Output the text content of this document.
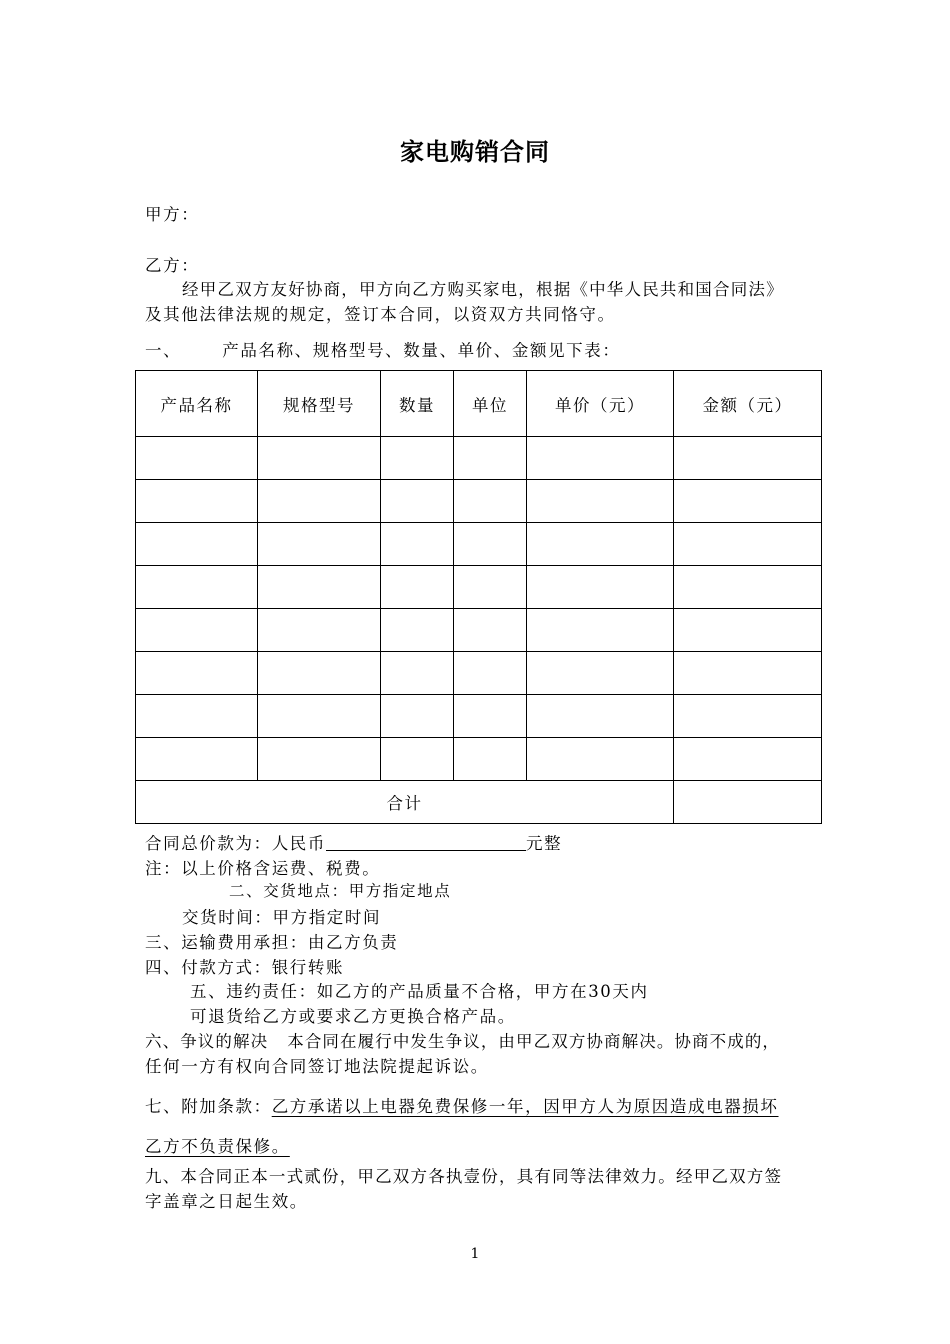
家电购销合同
甲方：
乙方：
经甲乙双方友好协商，甲方向乙方购买家电，根据《中华人民共和国合同法》
及其他法律法规的规定，签订本合同，以资双方共同恪守。
一、      产品名称、规格型号、数量、单价、金额见下表：
产品名称	规格型号	数量	单位	单价（元）	金额（元）

合计					
合同总价款为：人民币	元整
注：以上价格含运费、税费。
二、交货地点：甲方指定地点
交货时间：甲方指定时间
三、运输费用承担：由乙方负责
四、付款方式：银行转账
五、违约责任：如乙方的产品质量不合格，甲方在30天内
可退货给乙方或要求乙方更换合格产品。
六、争议的解决   本合同在履行中发生争议，由甲乙双方协商解决。协商不成的，
任何一方有权向合同签订地法院提起诉讼。
七、附加条款：乙方承诺以上电器免费保修一年，因甲方人为原因造成电器损坏
乙方不负责保修。
九、本合同正本一式贰份，甲乙双方各执壹份，具有同等法律效力。经甲乙双方签
字盖章之日起生效。
1
